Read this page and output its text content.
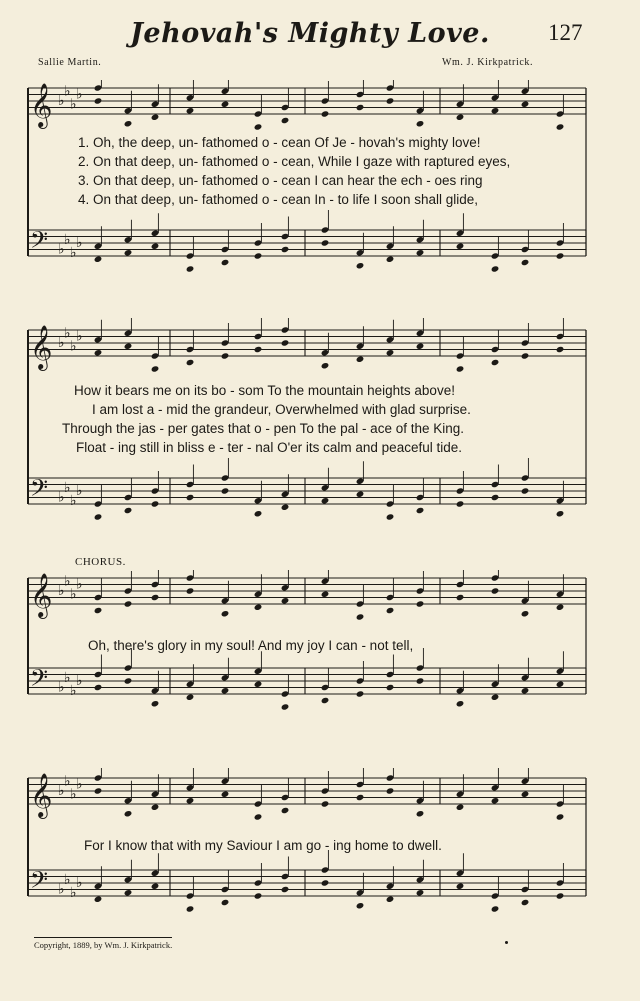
Jehovah's Mighty Love.	127
Sallie Martin.	Wm. J. Kirkpatrick.
𝄞 ♭
♭
♭
♭
𝄢 ♭
♭
♭
♭
1. Oh, the deep, un- fathomed o - cean Of Je - hovah's mighty love!
2. On that deep, un- fathomed o - cean, While I gaze with raptured eyes,
3. On that deep, un- fathomed o - cean I can hear the ech - oes ring
4. On that deep, un- fathomed o - cean In - to life I soon shall glide,
𝄞 ♭
♭
♭
♭
𝄢 ♭
♭
♭
♭
How it bears me on its bo - som To the mountain heights above!
I am lost a - mid the grandeur, Overwhelmed with glad surprise.
Through the jas - per gates that o - pen To the pal - ace of the King.
Float - ing still in bliss e - ter - nal O'er its calm and peaceful tide.
CHORUS.
𝄞 ♭
♭
♭
♭
𝄢 ♭
♭
♭
♭
Oh, there's glory in my soul! And my joy I can - not tell,
𝄞 ♭
♭
♭
♭
𝄢 ♭
♭
♭
♭
For I know that with my Saviour I am go - ing home to dwell.
Copyright, 1889, by Wm. J. Kirkpatrick.
